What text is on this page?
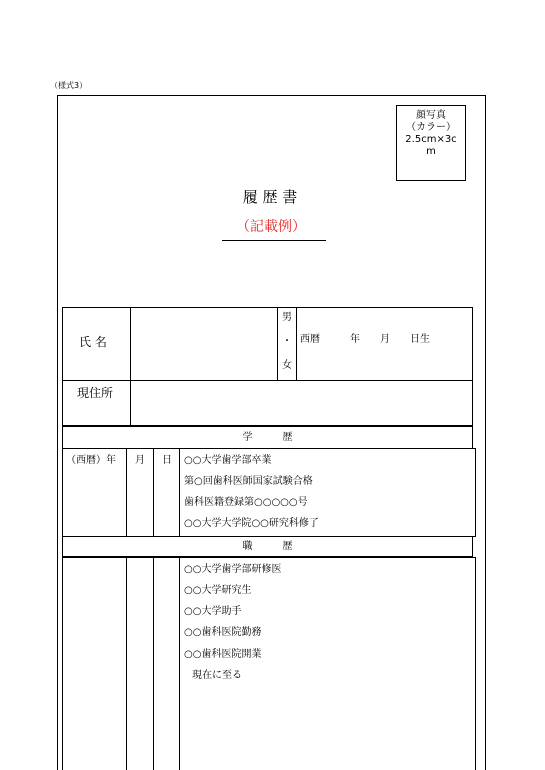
（様式3）
顔写真
（カラー）
2.5cm×3c
m
履 歴 書
（記載例）
氏 名
男
・
女
西暦　　　年　　月　　日生
現住所
学　　　歴
（西暦）年 月 日 ○○大学歯学部卒業
第○回歯科医師国家試験合格
歯科医籍登録第○○○○○号
○○大学大学院○○研究科修了
職　　　歴
○○大学歯学部研修医
○○大学研究生
○○大学助手
○○歯科医院勤務
○○歯科医院開業
現在に至る
